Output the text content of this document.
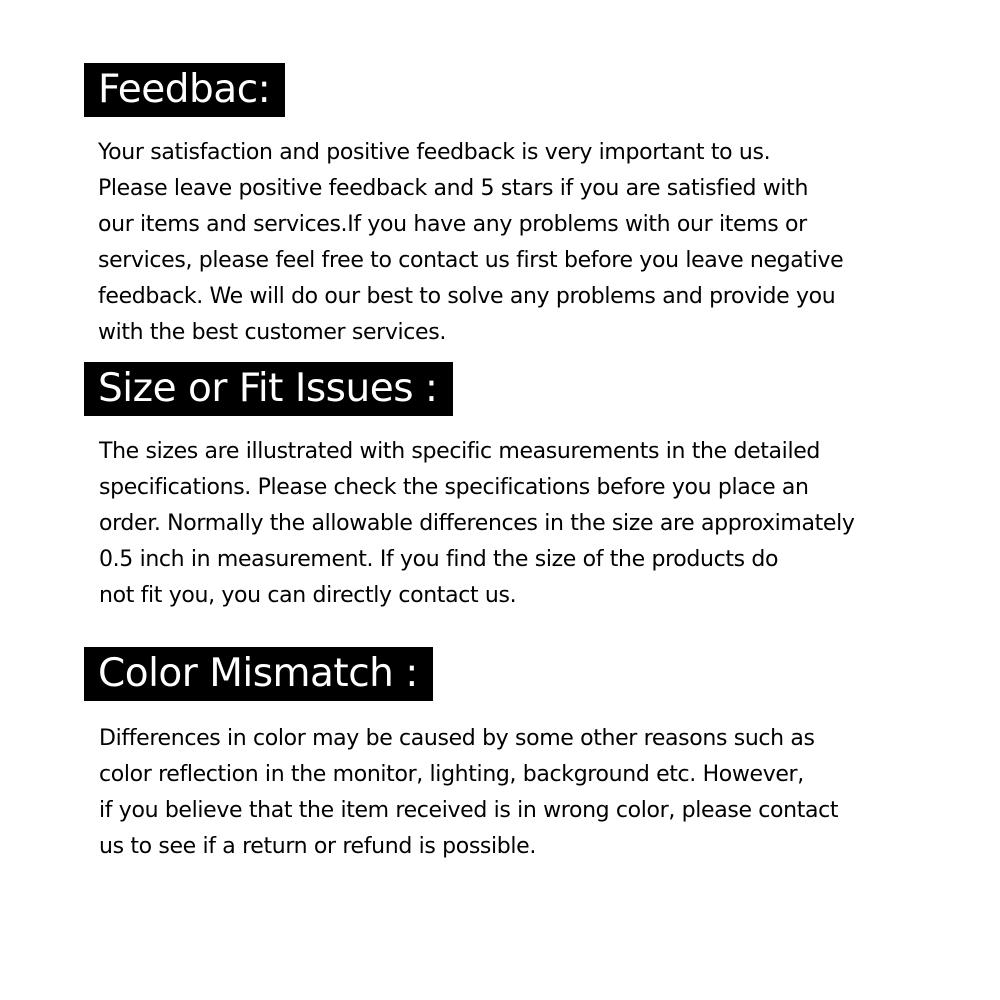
Feedbac:

Your satisfaction and positive feedback is very important to us.
Please leave positive feedback and 5 stars if you are satisfied with
our items and services.If you have any problems with our items or
services, please feel free to contact us first before you leave negative
feedback. We will do our best to solve any problems and provide you
with the best customer services.

Size or Fit Issues :

The sizes are illustrated with specific measurements in the detailed
specifications. Please check the specifications before you place an
order. Normally the allowable differences in the size are approximately
0.5 inch in measurement. If you find the size of the products do
not fit you, you can directly contact us.

Color Mismatch :

Differences in color may be caused by some other reasons such as
color reflection in the monitor, lighting, background etc. However,
if you believe that the item received is in wrong color, please contact
us to see if a return or refund is possible.
